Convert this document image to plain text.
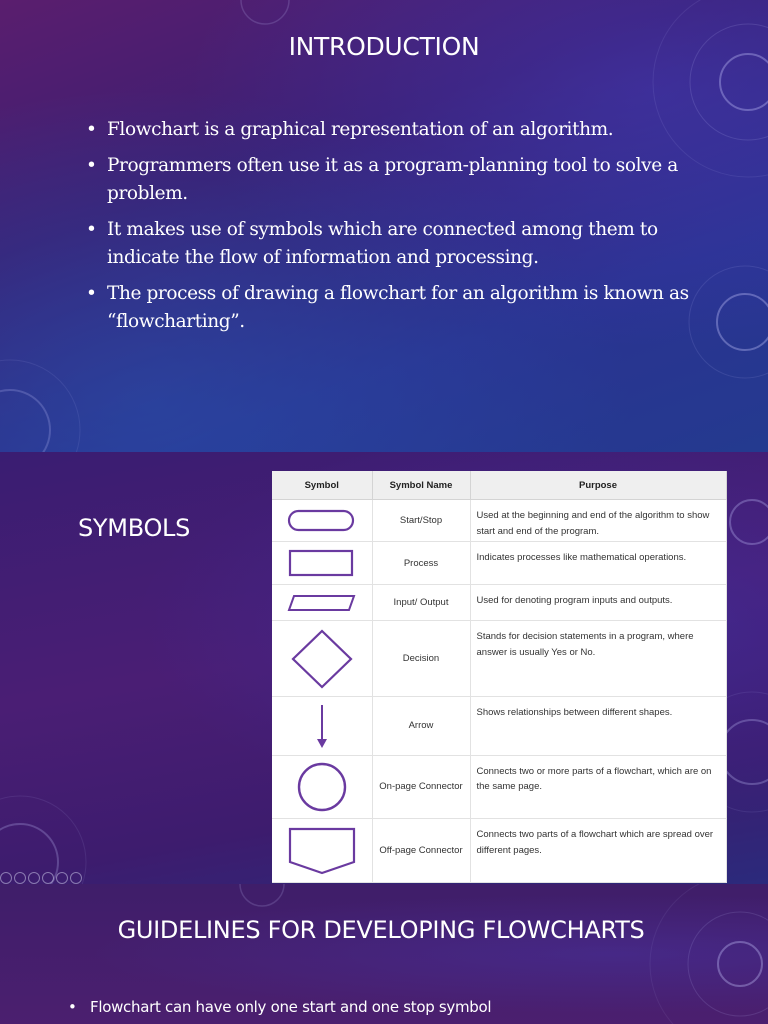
INTRODUCTION
• Flowchart is a graphical representation of an algorithm.
• Programmers often use it as a program-planning tool to solve a problem.
• It makes use of symbols which are connected among them to indicate the flow of information and processing.
• The process of drawing a flowchart for an algorithm is known as “flowcharting”.
SYMBOLS
Symbol	Symbol Name	Purpose

	Start/Stop	Used at the beginning and end of the algorithm to show start and end of the program.

	Process	Indicates processes like mathematical operations.

	Input/ Output	Used for denoting program inputs and outputs.

	Decision	Stands for decision statements in a program, where answer is usually Yes or No.

	Arrow	Shows relationships between different shapes.

	On-page Connector	Connects two or more parts of a flowchart, which are on the same page.

	Off-page Connector	Connects two parts of a flowchart which are spread over different pages.
GUIDELINES FOR DEVELOPING FLOWCHARTS
• Flowchart can have only one start and one stop symbol
